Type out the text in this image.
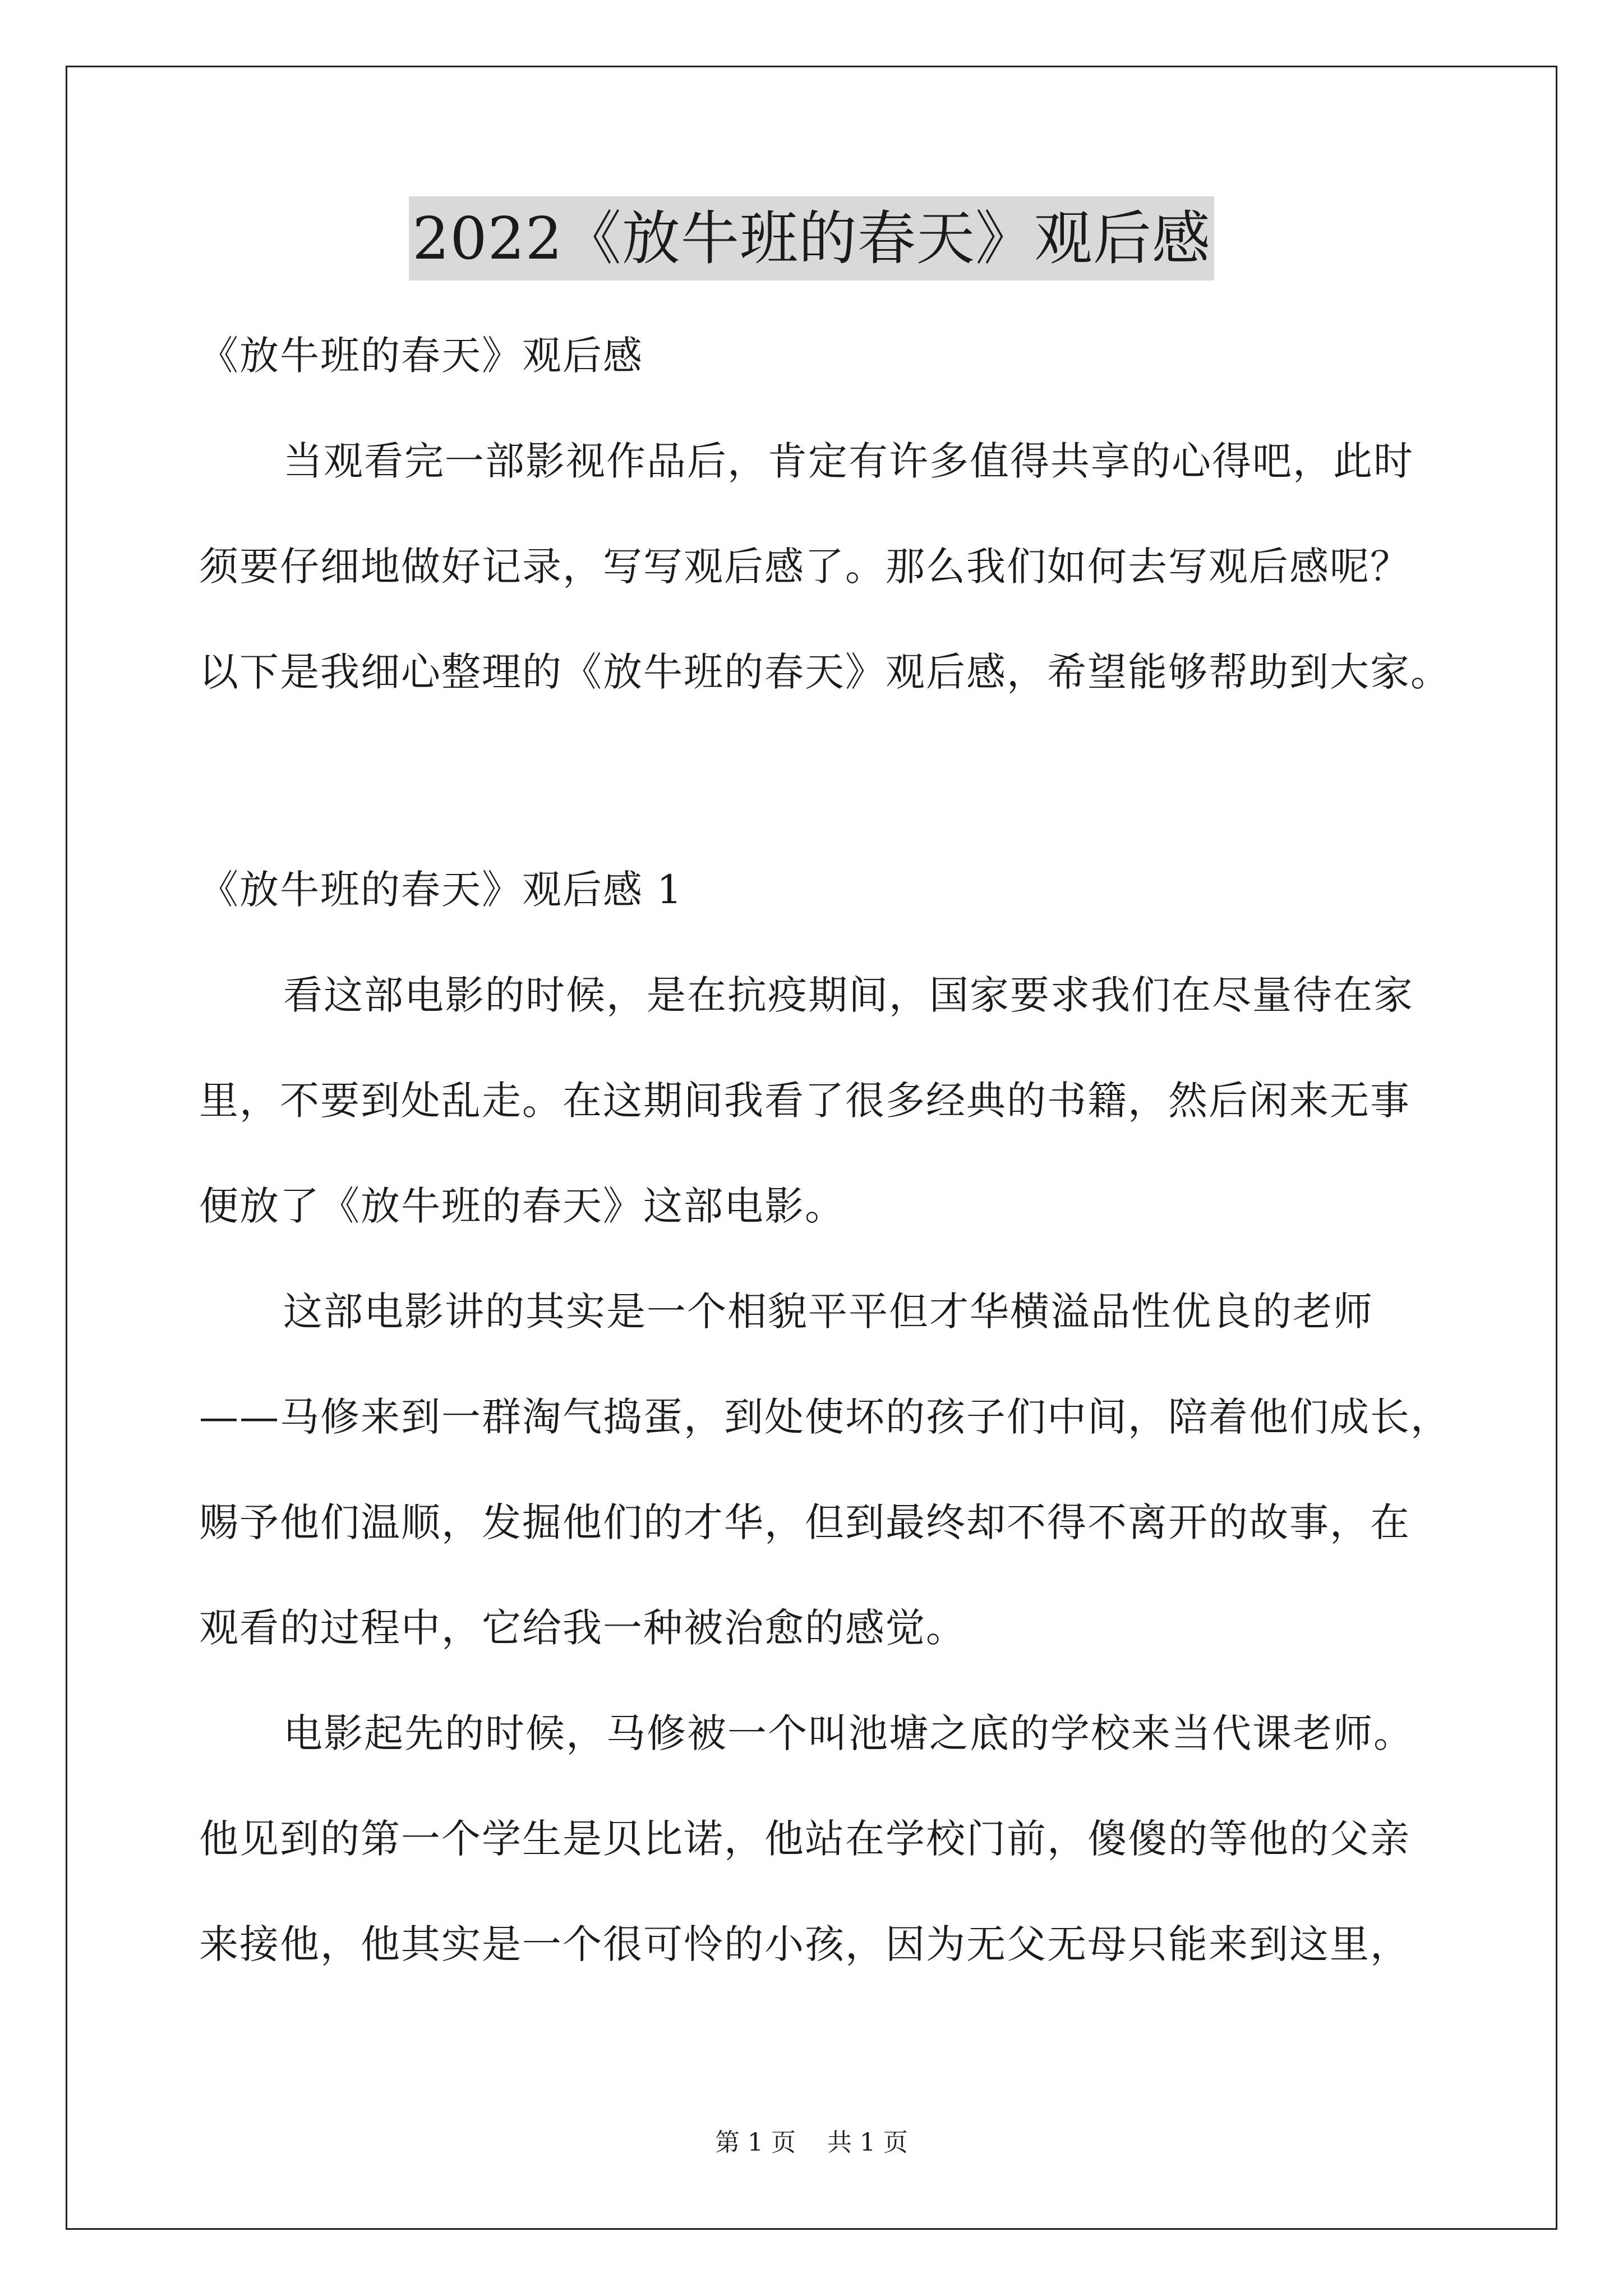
2022《放牛班的春天》观后感
《放牛班的春天》观后感
当观看完一部影视作品后，肯定有许多值得共享的心得吧，此时
须要仔细地做好记录，写写观后感了。那么我们如何去写观后感呢？
以下是我细心整理的《放牛班的春天》观后感，希望能够帮助到大家。
《放牛班的春天》观后感 1
看这部电影的时候，是在抗疫期间，国家要求我们在尽量待在家
里，不要到处乱走。在这期间我看了很多经典的书籍，然后闲来无事
便放了《放牛班的春天》这部电影。
这部电影讲的其实是一个相貌平平但才华横溢品性优良的老师
——马修来到一群淘气捣蛋，到处使坏的孩子们中间，陪着他们成长，
赐予他们温顺，发掘他们的才华，但到最终却不得不离开的故事，在
观看的过程中，它给我一种被治愈的感觉。
电影起先的时候，马修被一个叫池塘之底的学校来当代课老师。
他见到的第一个学生是贝比诺，他站在学校门前，傻傻的等他的父亲
来接他，他其实是一个很可怜的小孩，因为无父无母只能来到这里，
第 1 页    共 1 页
